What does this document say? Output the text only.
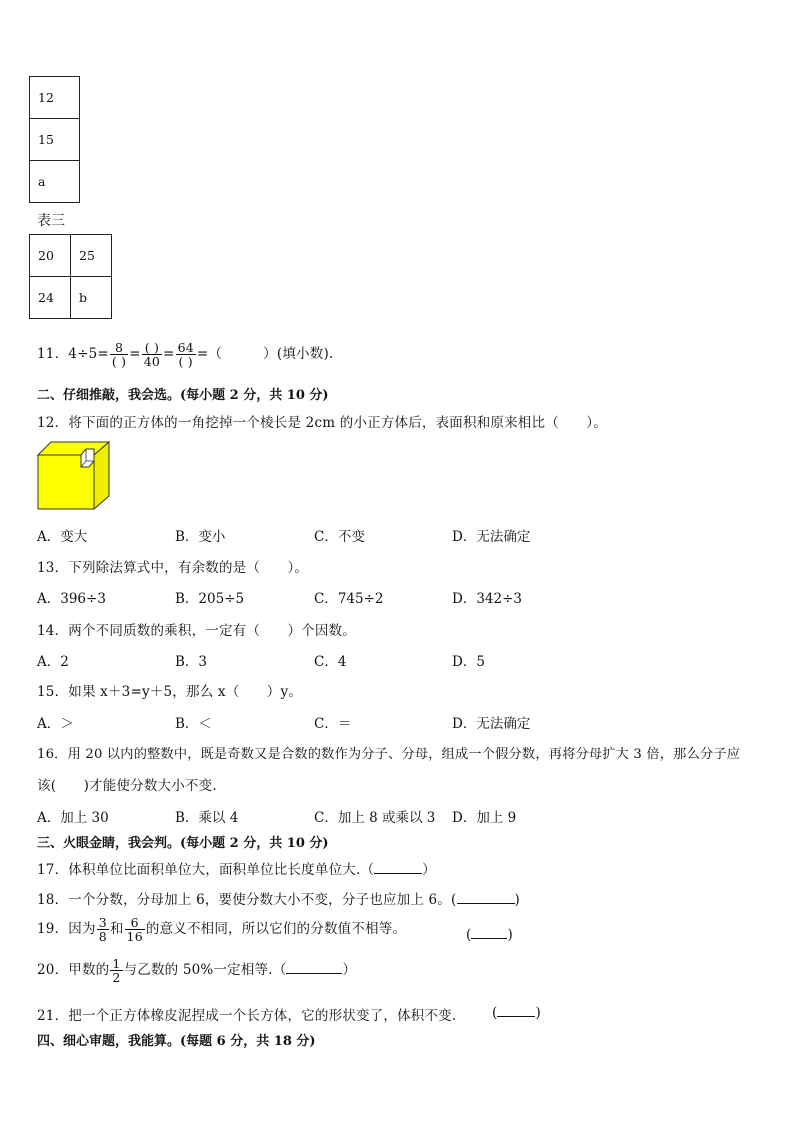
12
15
a
表三
20	25
24	b
11．$4\div 5= \frac{8}{( )} = \frac{( )}{40} = \frac{64}{( )}$ =（　　　）(填小数).
二、仔细推敲，我会选。(每小题 2 分，共 10 分)
12．将下面的正方体的一角挖掉一个棱长是 2cm 的小正方体后，表面积和原来相比（　　）。
A．变大	B．变小	C．不变	D．无法确定
13．下列除法算式中，有余数的是（　　）。
A．396÷3	B．205÷5	C．745÷2	D．342÷3
14．两个不同质数的乘积，一定有（　　）个因数。
A．2	B．3	C．4	D．5
15．如果 x＋3=y＋5，那么 x（　　）y。
A．＞	B．＜	C．＝	D．无法确定
16．用 20 以内的整数中，既是奇数又是合数的数作为分子、分母，组成一个假分数，再将分母扩大 3 倍，那么分子应
该(　　)才能使分数大小不变.
A．加上 30	B．乘以 4	C．加上 8 或乘以 3 D．加上 9
三、火眼金睛，我会判。(每小题 2 分，共 10 分)
17．体积单位比面积单位大，面积单位比长度单位大.（	）
18．一个分数，分母加上 6，要使分数大小不变，分子也应加上 6。(	)
19．因为 $\frac{3}{8}$ 和 $\frac{6}{16}$ 的意义不相同，所以它们的分数值不相等。	(	)
20．甲数的 $\frac{1}{2}$ 与乙数的 50%一定相等.（	）
21．把一个正方体橡皮泥捏成一个长方体，它的形状变了，体积不变.	(	)
四、细心审题，我能算。(每题 6 分，共 18 分)
